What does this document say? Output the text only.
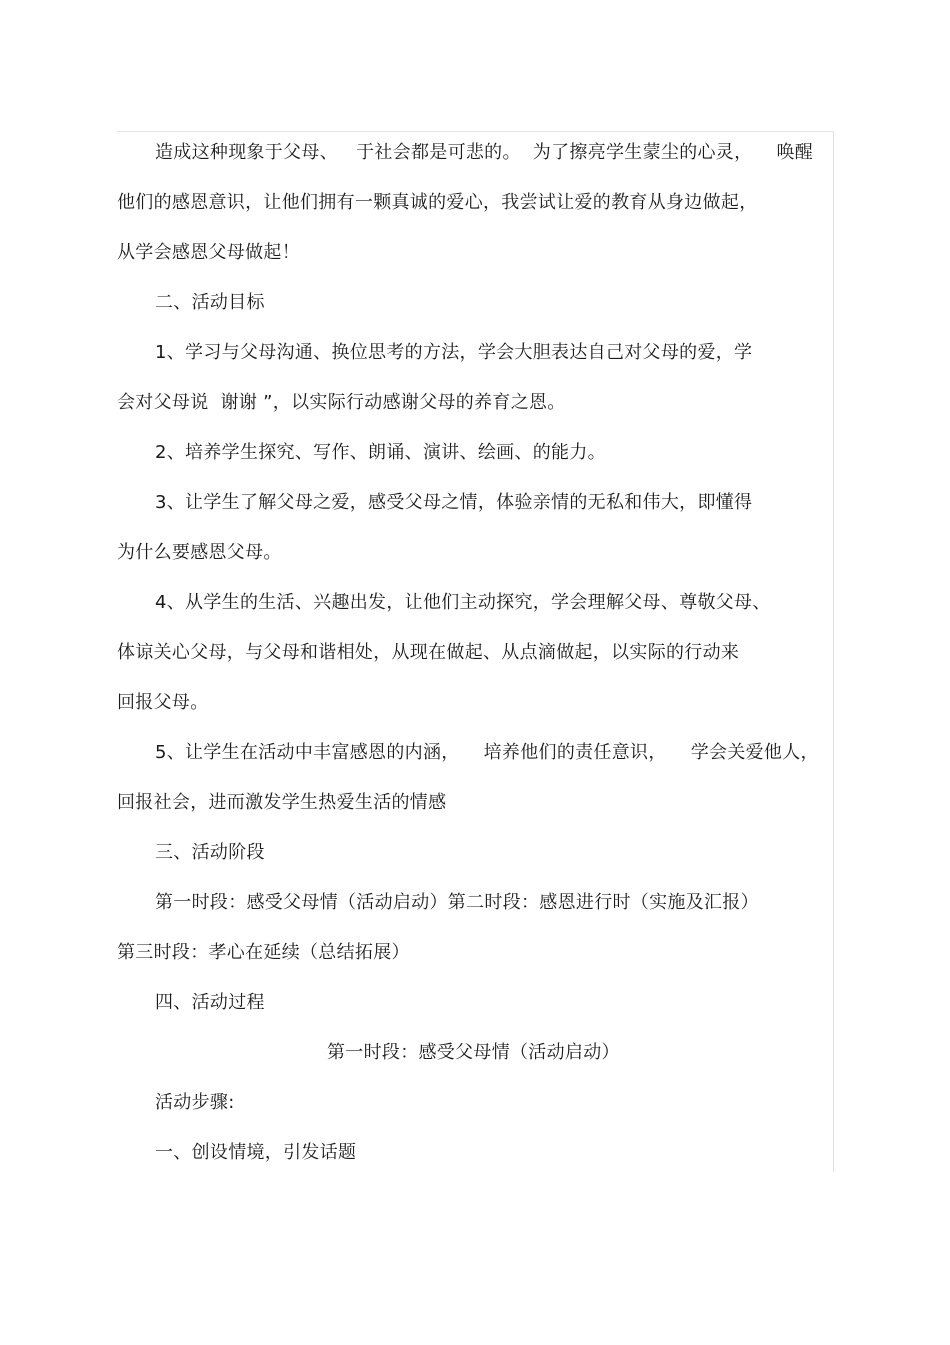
造成这种现象于父母、   于社会都是可悲的。  为了擦亮学生蒙尘的心灵，    唤醒
他们的感恩意识，让他们拥有一颗真诚的爱心，我尝试让爱的教育从身边做起，
从学会感恩父母做起！
二、活动目标
1、学习与父母沟通、换位思考的方法，学会大胆表达自己对父母的爱，学
会对父母说  谢谢 ”，以实际行动感谢父母的养育之恩。
2、培养学生探究、写作、朗诵、演讲、绘画、的能力。
3、让学生了解父母之爱，感受父母之情，体验亲情的无私和伟大，即懂得
为什么要感恩父母。
4、从学生的生活、兴趣出发，让他们主动探究，学会理解父母、尊敬父母、
体谅关心父母，与父母和谐相处，从现在做起、从点滴做起，以实际的行动来
回报父母。
5、让学生在活动中丰富感恩的内涵，    培养他们的责任意识，    学会关爱他人，
回报社会，进而激发学生热爱生活的情感
三、活动阶段
第一时段：感受父母情（活动启动）第二时段：感恩进行时（实施及汇报）
第三时段：孝心在延续（总结拓展）
四、活动过程
第一时段：感受父母情（活动启动）
活动步骤:
一、创设情境，引发话题
